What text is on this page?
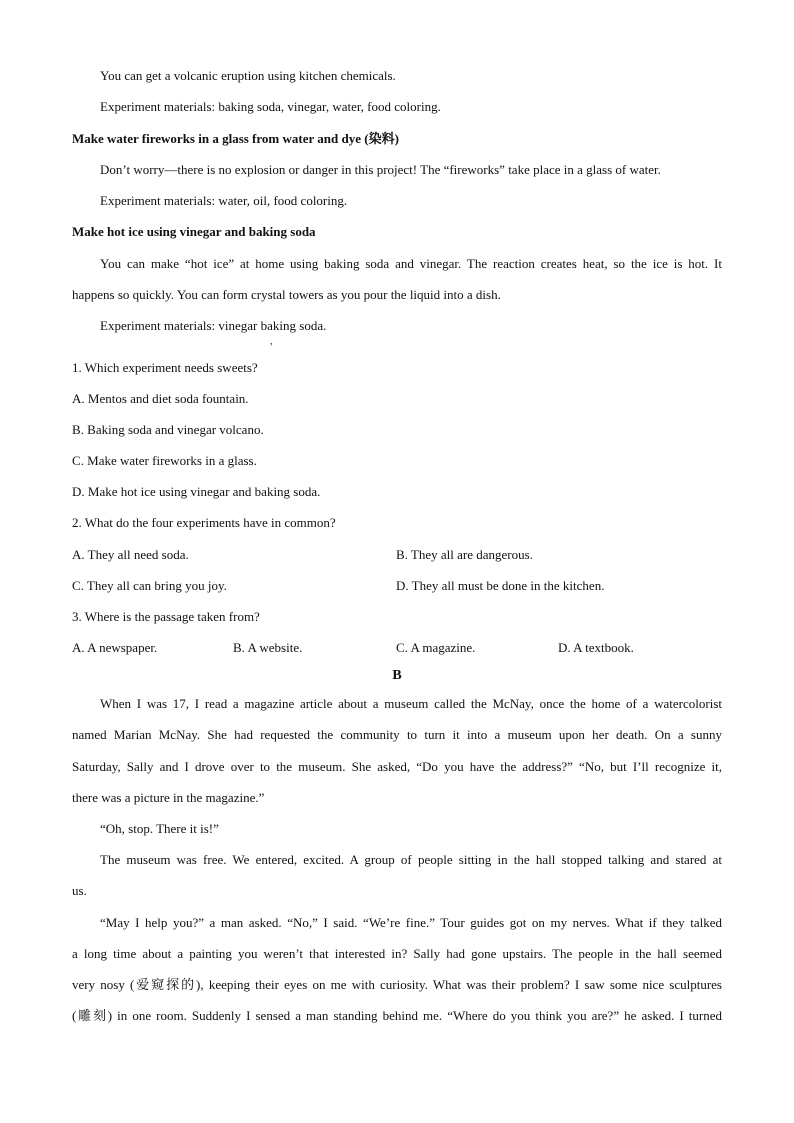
You can get a volcanic eruption using kitchen chemicals.
Experiment materials: baking soda, vinegar, water, food coloring.
Make water fireworks in a glass from water and dye (染料)
Don’t worry—there is no explosion or danger in this project! The “fireworks” take place in a glass of water.
Experiment materials: water, oil, food coloring.
Make hot ice using vinegar and baking soda
You can make “hot ice” at home using baking soda and vinegar. The reaction creates heat, so the ice is hot. It
happens so quickly. You can form crystal towers as you pour the liquid into a dish.
Experiment materials: vinegar baking soda.
,
1. Which experiment needs sweets?
A. Mentos and diet soda fountain.
B. Baking soda and vinegar volcano.
C. Make water fireworks in a glass.
D. Make hot ice using vinegar and baking soda.
2. What do the four experiments have in common?
A. They all need soda.	B. They all are dangerous.
C. They all can bring you joy.	D. They all must be done in the kitchen.
3. Where is the passage taken from?
A. A newspaper.	B. A website.	C. A magazine.	D. A textbook.
B
When I was 17, I read a magazine article about a museum called the McNay, once the home of a watercolorist
named Marian McNay. She had requested the community to turn it into a museum upon her death. On a sunny
Saturday, Sally and I drove over to the museum. She asked, “Do you have the address?” “No, but I’ll recognize it,
there was a picture in the magazine.”
“Oh, stop. There it is!”
The museum was free. We entered, excited. A group of people sitting in the hall stopped talking and stared at
us.
“May I help you?” a man asked. “No,” I said. “We’re fine.” Tour guides got on my nerves. What if they talked
a long time about a painting you weren’t that interested in? Sally had gone upstairs. The people in the hall seemed
very nosy (爱窥探的), keeping their eyes on me with curiosity. What was their problem? I saw some nice sculptures
(雕刻) in one room. Suddenly I sensed a man standing behind me. “Where do you think you are?” he asked. I turned
